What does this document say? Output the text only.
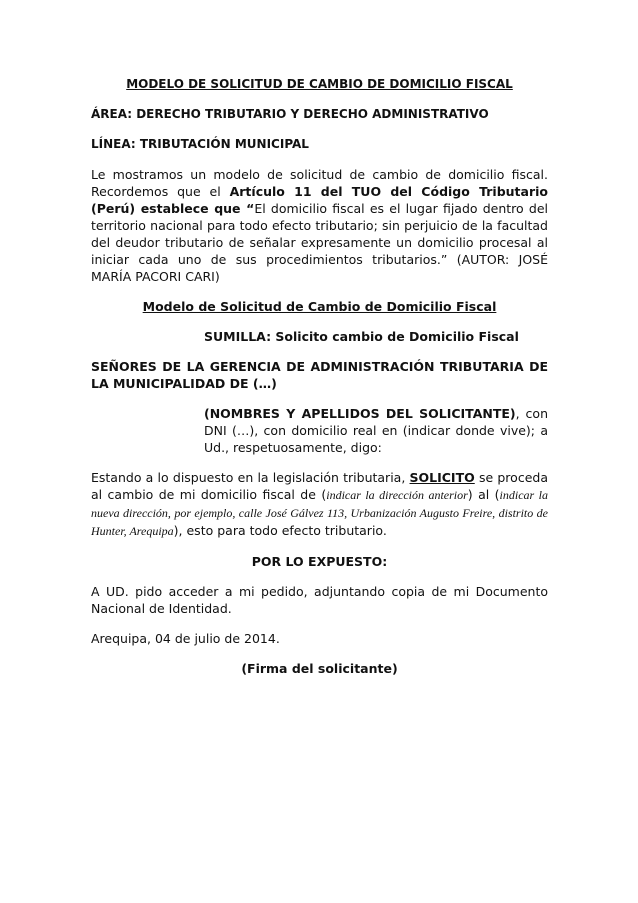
MODELO DE SOLICITUD DE CAMBIO DE DOMICILIO FISCAL

ÁREA: DERECHO TRIBUTARIO Y DERECHO ADMINISTRATIVO

LÍNEA: TRIBUTACIÓN MUNICIPAL

Le mostramos un modelo de solicitud de cambio de domicilio fiscal. Recordemos que el Artículo 11 del TUO del Código Tributario (Perú) establece que “El domicilio fiscal es el lugar fijado dentro del territorio nacional para todo efecto tributario; sin perjuicio de la facultad del deudor tributario de señalar expresamente un domicilio procesal al iniciar cada uno de sus procedimientos tributarios.” (AUTOR: JOSÉ MARÍA PACORI CARI)

Modelo de Solicitud de Cambio de Domicilio Fiscal

SUMILLA: Solicito cambio de Domicilio Fiscal

SEÑORES DE LA GERENCIA DE ADMINISTRACIÓN TRIBUTARIA DE LA MUNICIPALIDAD DE (…)

(NOMBRES Y APELLIDOS DEL SOLICITANTE), con DNI (…), con domicilio real en (indicar donde vive); a Ud., respetuosamente, digo:

Estando a lo dispuesto en la legislación tributaria, SOLICITO se proceda al cambio de mi domicilio fiscal de (indicar la dirección anterior) al (indicar la nueva dirección, por ejemplo, calle José Gálvez 113, Urbanización Augusto Freire, distrito de Hunter, Arequipa), esto para todo efecto tributario.

POR LO EXPUESTO:

A UD. pido acceder a mi pedido, adjuntando copia de mi Documento Nacional de Identidad.

Arequipa, 04 de julio de 2014.

(Firma del solicitante)
